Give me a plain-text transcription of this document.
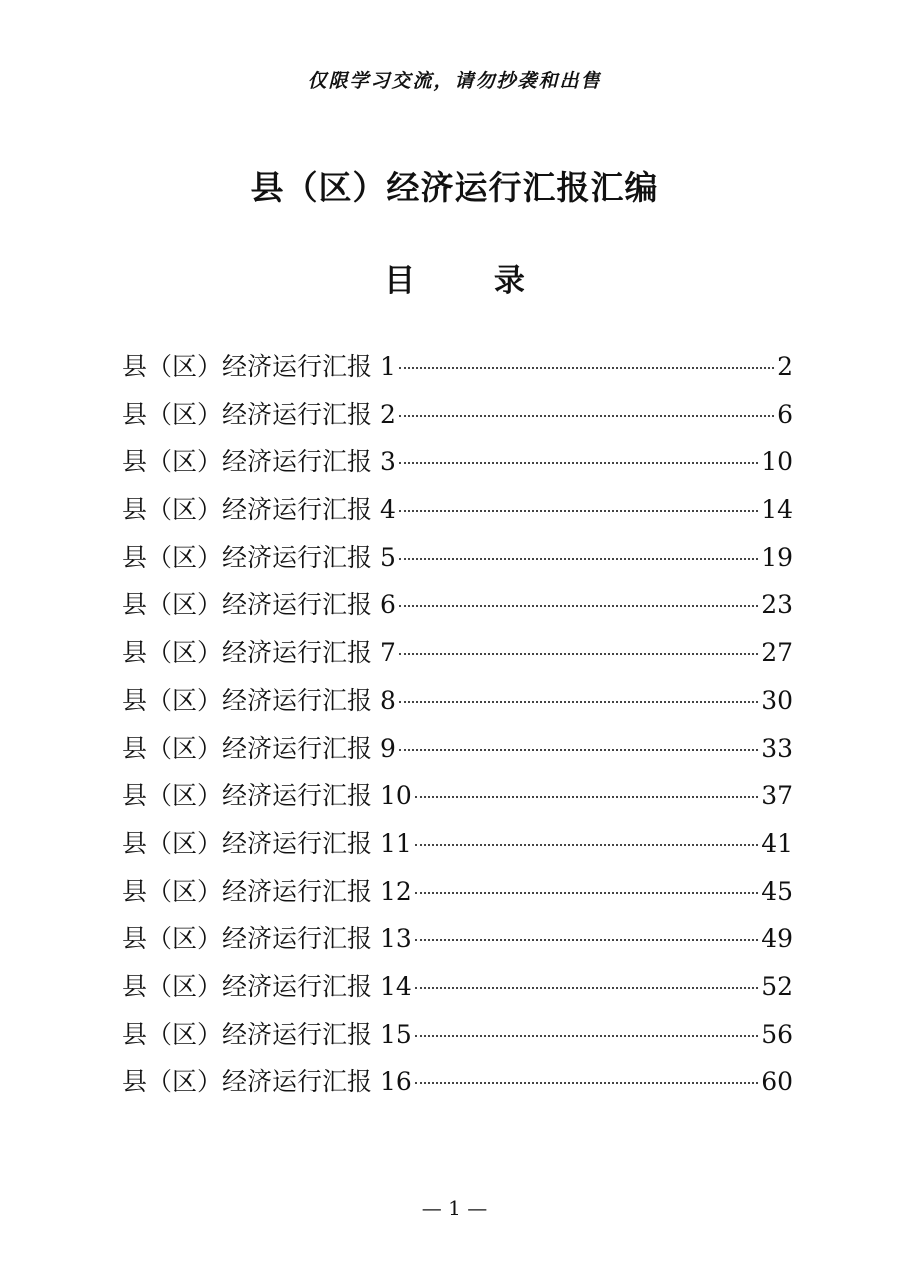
仅限学习交流，请勿抄袭和出售
县（区）经济运行汇报汇编
目 录
县（区）经济运行汇报 1	2
县（区）经济运行汇报 2	6
县（区）经济运行汇报 3	10
县（区）经济运行汇报 4	14
县（区）经济运行汇报 5	19
县（区）经济运行汇报 6	23
县（区）经济运行汇报 7	27
县（区）经济运行汇报 8	30
县（区）经济运行汇报 9	33
县（区）经济运行汇报 10	37
县（区）经济运行汇报 11	41
县（区）经济运行汇报 12	45
县（区）经济运行汇报 13	49
县（区）经济运行汇报 14	52
县（区）经济运行汇报 15	56
县（区）经济运行汇报 16	60
— 1 —
